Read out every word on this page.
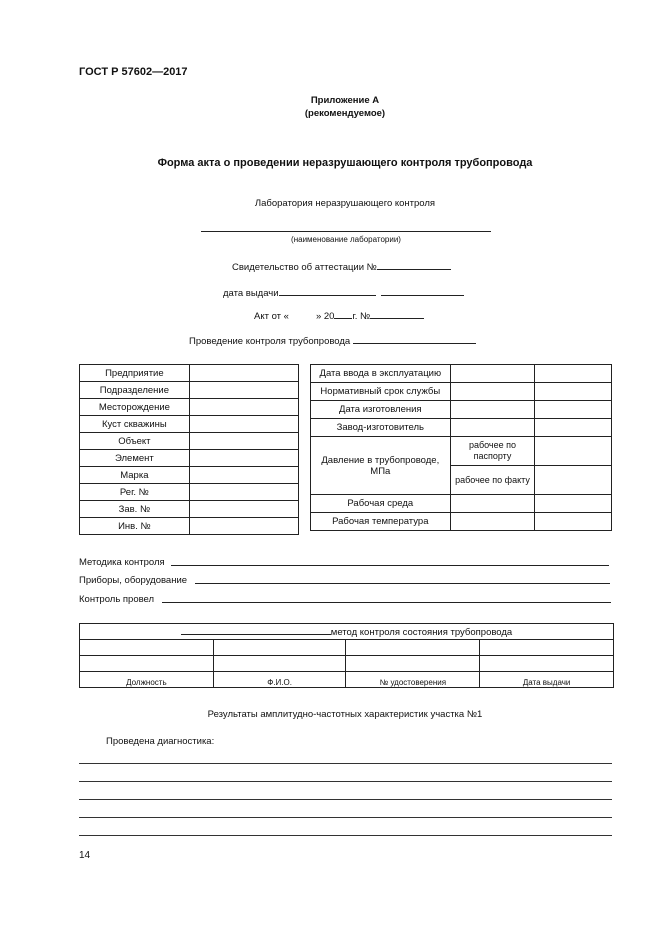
ГОСТ Р 57602—2017
Приложение А
(рекомендуемое)
Форма акта о проведении неразрушающего контроля трубопровода
Лаборатория неразрушающего контроля
(наименование лаборатории)
Свидетельство об аттестации №
дата выдачи
Акт от «	» 20 г. №
Проведение контроля трубопровода
Предприятие	
Подразделение	
Месторождение	
Куст скважины	
Объект	
Элемент	
Марка	
Рег. №	
Зав. №	
Инв. №	
Дата ввода в эксплуатацию		
Нормативный срок службы		
Дата изготовления		
Завод-изготовитель		
Давление в трубопроводе, МПа	рабочее по паспорту	
	рабочее по факту	
Рабочая среда		
Рабочая температура		
Методика контроля
Приборы, оборудование
Контроль провел
метод контроля состояния трубопровода			

Должность	Ф.И.О.	№ удостоверения	Дата выдачи
Результаты амплитудно-частотных характеристик участка №1
Проведена диагностика:
14
